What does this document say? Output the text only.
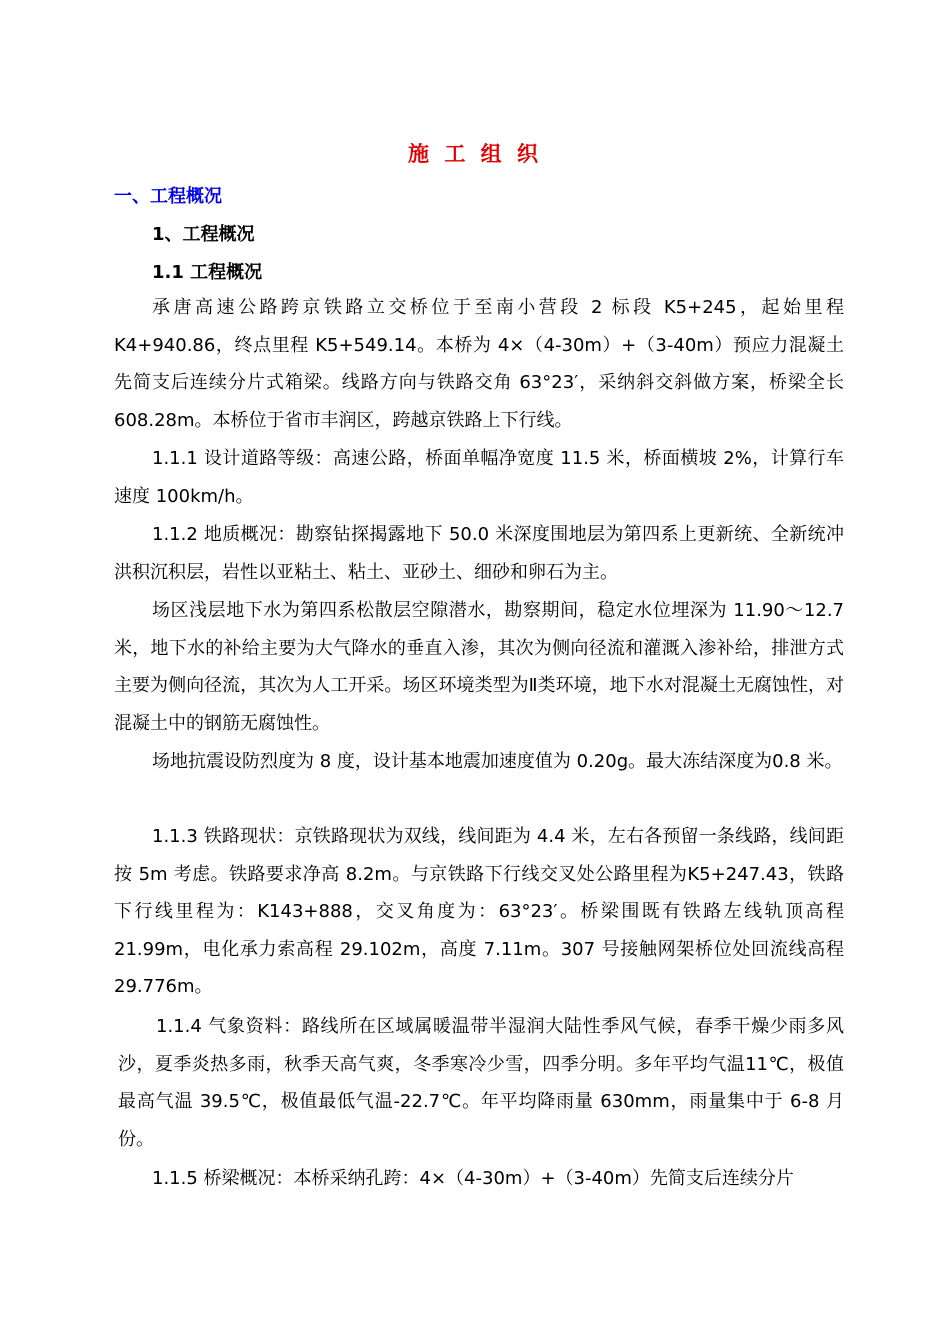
施 工 组 织
一、工程概况
1、工程概况
1.1 工程概况

承唐高速公路跨京铁路立交桥位于至南小营段 2 标段 K5+245，起始里程K4+940.86，终点里程 K5+549.14。本桥为 4×（4-30m）+（3-40m）预应力混凝土先简支后连续分片式箱梁。线路方向与铁路交角 63°23′，采纳斜交斜做方案，桥梁全长 608.28m。本桥位于省市丰润区，跨越京铁路上下行线。

1.1.1 设计道路等级：高速公路，桥面单幅净宽度 11.5 米，桥面横坡 2%，计算行车速度 100km/h。

1.1.2 地质概况：勘察钻探揭露地下 50.0 米深度围地层为第四系上更新统、全新统冲洪积沉积层，岩性以亚粘土、粘土、亚砂土、细砂和卵石为主。

场区浅层地下水为第四系松散层空隙潜水，勘察期间，稳定水位埋深为 11.90～12.7 米，地下水的补给主要为大气降水的垂直入渗，其次为侧向径流和灌溉入渗补给，排泄方式主要为侧向径流，其次为人工开采。场区环境类型为Ⅱ类环境，地下水对混凝土无腐蚀性，对混凝土中的钢筋无腐蚀性。

场地抗震设防烈度为 8 度，设计基本地震加速度值为 0.20g。最大冻结深度为0.8 米。

1.1.3 铁路现状：京铁路现状为双线，线间距为 4.4 米，左右各预留一条线路，线间距按 5m 考虑。铁路要求净高 8.2m。与京铁路下行线交叉处公路里程为K5+247.43，铁路下行线里程为：K143+888，交叉角度为：63°23′。桥梁围既有铁路左线轨顶高程 21.99m，电化承力索高程 29.102m，高度 7.11m。307 号接触网架桥位处回流线高程 29.776m。

1.1.4 气象资料：路线所在区域属暖温带半湿润大陆性季风气候，春季干燥少雨多风沙，夏季炎热多雨，秋季天高气爽，冬季寒冷少雪，四季分明。多年平均气温11℃，极值最高气温 39.5℃，极值最低气温-22.7℃。年平均降雨量 630mm，雨量集中于 6-8 月份。

1.1.5 桥梁概况：本桥采纳孔跨：4×（4-30m）+（3-40m）先简支后连续分片
